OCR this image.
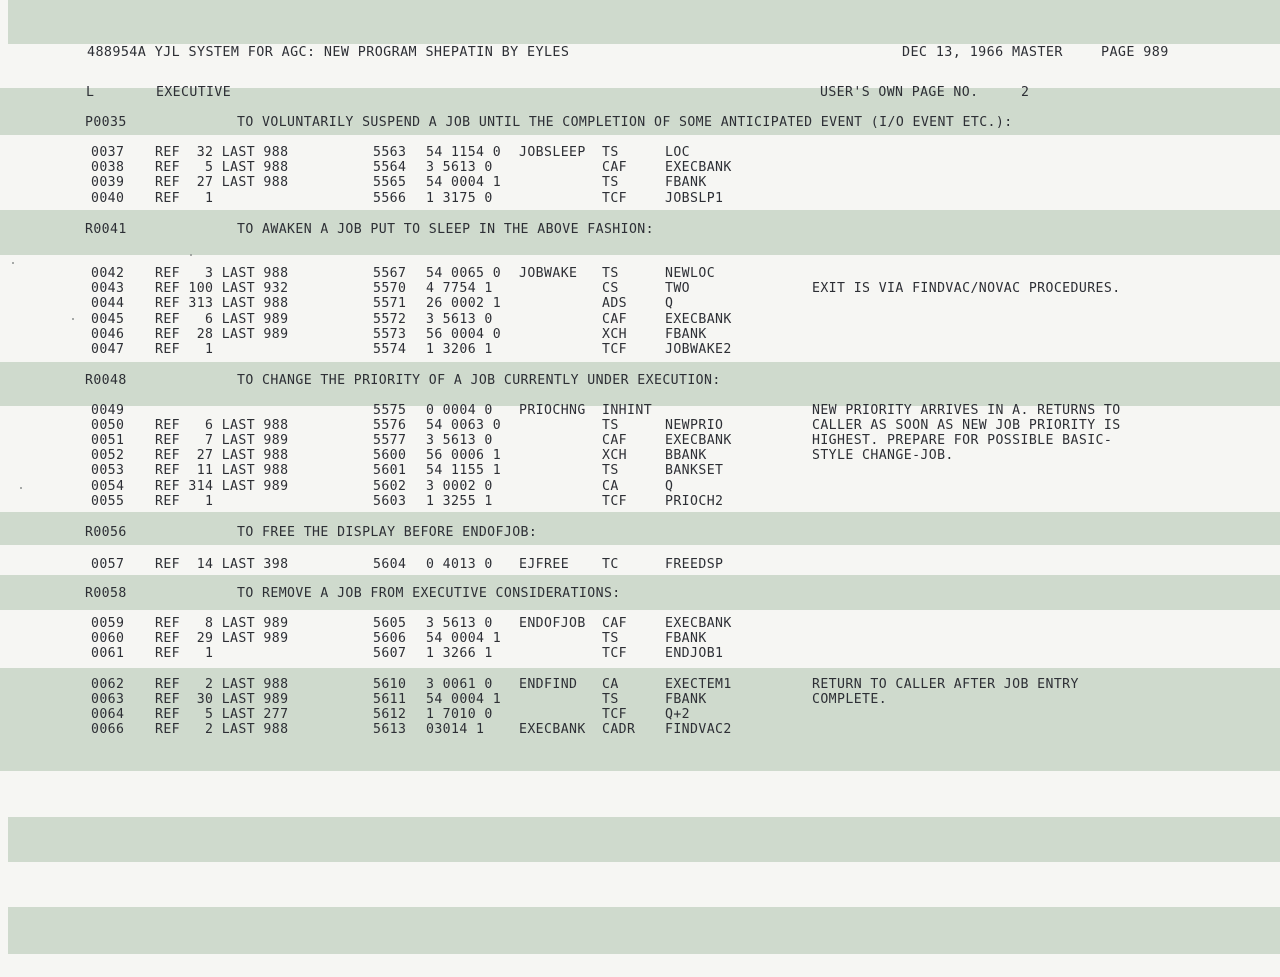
488954A YJL SYSTEM FOR AGC: NEW PROGRAM SHEPATIN BY EYLES	DEC 13, 1966 MASTER	PAGE 989
L	EXECUTIVE	USER'S OWN PAGE NO.	2
P0035	TO VOLUNTARILY SUSPEND A JOB UNTIL THE COMPLETION OF SOME ANTICIPATED EVENT (I/O EVENT ETC.):
0037 REF  32 LAST 988	5563 54 1154 0 JOBSLEEP TS	LOC
0038 REF   5 LAST 988	5564 3 5613 0	CAF	EXECBANK
0039 REF  27 LAST 988	5565 54 0004 1	TS	FBANK
0040 REF   1	5566 1 3175 0	TCF	JOBSLP1
R0041	TO AWAKEN A JOB PUT TO SLEEP IN THE ABOVE FASHION:
0042 REF   3 LAST 988	5567 54 0065 0 JOBWAKE TS	NEWLOC
0043 REF 100 LAST 932	5570 4 7754 1	CS	TWO	EXIT IS VIA FINDVAC/NOVAC PROCEDURES.
0044 REF 313 LAST 988	5571 26 0002 1	ADS	Q
0045 REF   6 LAST 989	5572 3 5613 0	CAF	EXECBANK
0046 REF  28 LAST 989	5573 56 0004 0	XCH	FBANK
0047 REF   1	5574 1 3206 1	TCF	JOBWAKE2
R0048	TO CHANGE THE PRIORITY OF A JOB CURRENTLY UNDER EXECUTION:
0049	5575 0 0004 0 PRIOCHNG INHINT	NEW PRIORITY ARRIVES IN A. RETURNS TO
0050 REF   6 LAST 988	5576 54 0063 0	TS	NEWPRIO	CALLER AS SOON AS NEW JOB PRIORITY IS
0051 REF   7 LAST 989	5577 3 5613 0	CAF	EXECBANK	HIGHEST. PREPARE FOR POSSIBLE BASIC-
0052 REF  27 LAST 988	5600 56 0006 1	XCH	BBANK	STYLE CHANGE-JOB.
0053 REF  11 LAST 988	5601 54 1155 1	TS	BANKSET
0054 REF 314 LAST 989	5602 3 0002 0	CA	Q
0055 REF   1	5603 1 3255 1	TCF	PRIOCH2
R0056	TO FREE THE DISPLAY BEFORE ENDOFJOB:
0057 REF  14 LAST 398	5604 0 4013 0 EJFREE TC	FREEDSP
R0058	TO REMOVE A JOB FROM EXECUTIVE CONSIDERATIONS:
0059 REF   8 LAST 989	5605 3 5613 0 ENDOFJOB CAF	EXECBANK
0060 REF  29 LAST 989	5606 54 0004 1	TS	FBANK
0061 REF   1	5607 1 3266 1	TCF	ENDJOB1
0062 REF   2 LAST 988	5610 3 0061 0 ENDFIND CA	EXECTEM1	RETURN TO CALLER AFTER JOB ENTRY
0063 REF  30 LAST 989	5611 54 0004 1	TS	FBANK	COMPLETE.
0064 REF   5 LAST 277	5612 1 7010 0	TCF	Q+2
0066 REF   2 LAST 988	5613 03014 1	EXECBANK CADR FINDVAC2
